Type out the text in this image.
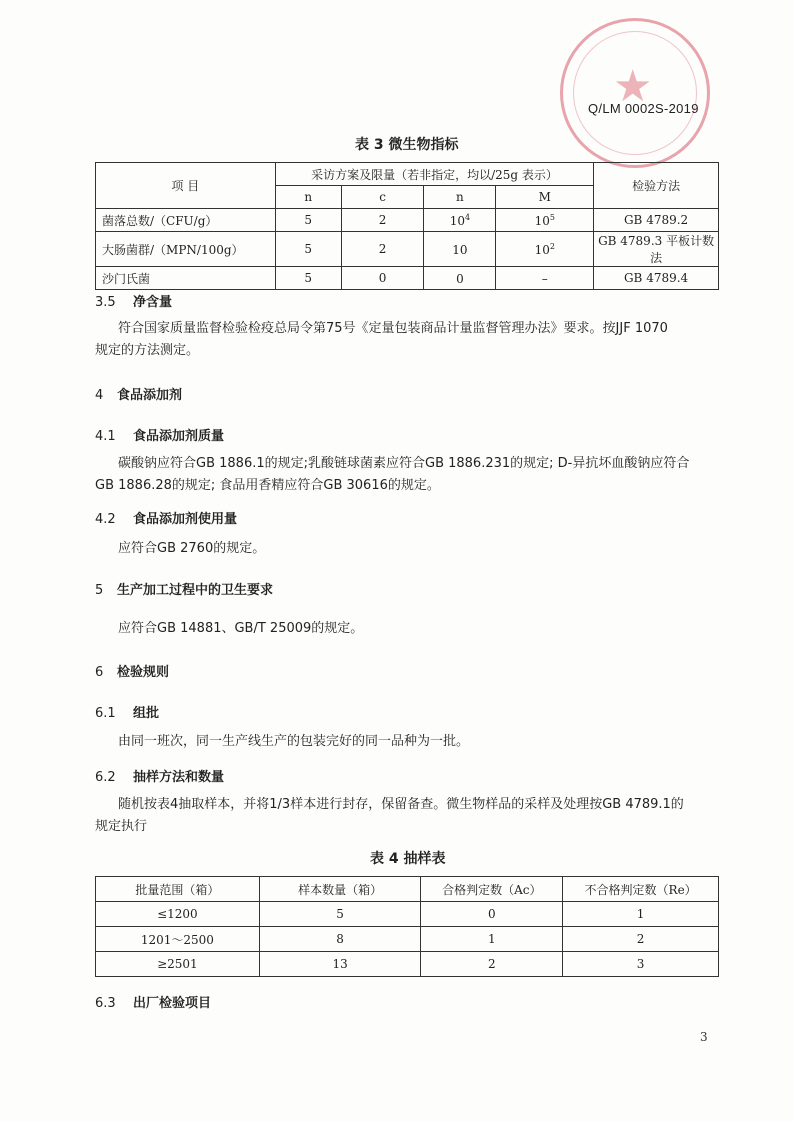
★
Q/LM 0002S-2019
表 3 微生物指标
项 目	采访方案及限量（若非指定，均以/25g 表示）				检验方法
	n	c	n	M	
菌落总数/（CFU/g）	5	2	$10^4$	$10^5$	GB 4789.2
大肠菌群/（MPN/100g）	5	2	10	$10^2$	GB 4789.3 平板计数法
沙门氏菌	5	0	0	–	GB 4789.4
3.5 净含量
符合国家质量监督检验检疫总局令第75号《定量包装商品计量监督管理办法》要求。按JJF 1070
规定的方法测定。
4 食品添加剂
4.1 食品添加剂质量
碳酸钠应符合GB 1886.1的规定;乳酸链球菌素应符合GB 1886.231的规定; D-异抗坏血酸钠应符合
GB 1886.28的规定; 食品用香精应符合GB 30616的规定。
4.2 食品添加剂使用量
应符合GB 2760的规定。
5 生产加工过程中的卫生要求
应符合GB 14881、GB/T 25009的规定。
6 检验规则
6.1 组批
由同一班次，同一生产线生产的包装完好的同一品种为一批。
6.2 抽样方法和数量
随机按表4抽取样本，并将1/3样本进行封存，保留备查。微生物样品的采样及处理按GB 4789.1的
规定执行
表 4 抽样表
批量范围（箱）	样本数量（箱）	合格判定数（Ac）	不合格判定数（Re）
≤1200	5	0	1
1201～2500	8	1	2
≥2501	13	2	3
6.3 出厂检验项目
3
